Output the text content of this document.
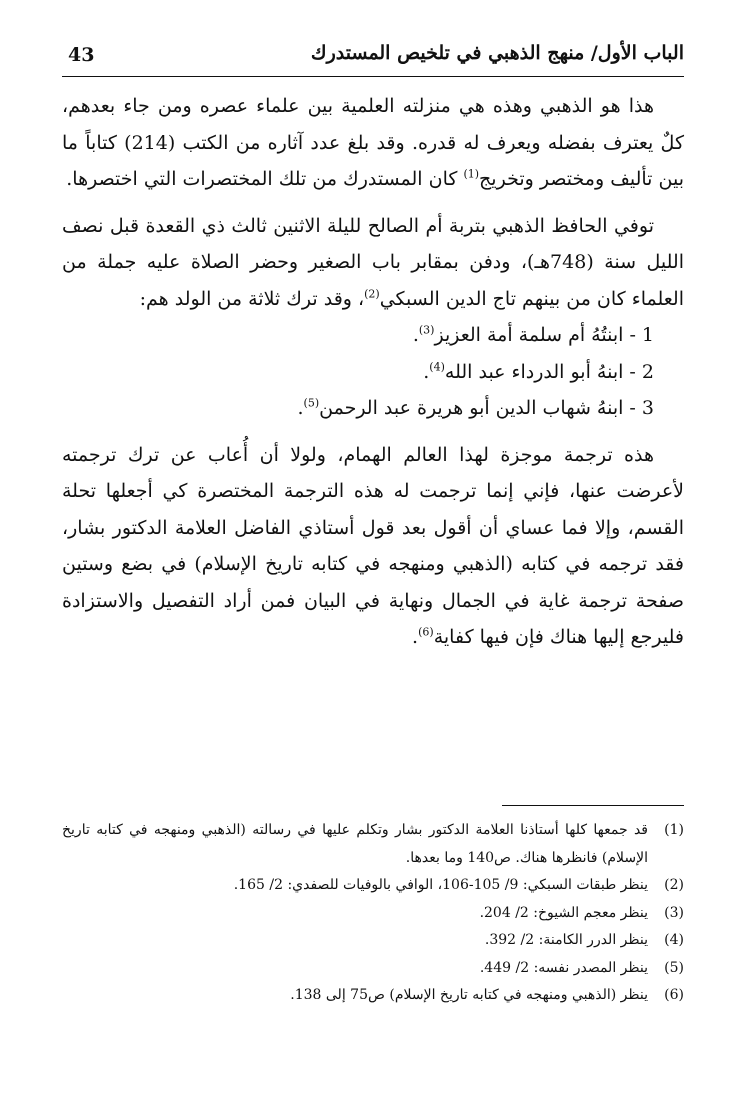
43	الباب الأول/ منهج الذهبي في تلخيص المستدرك

هذا هو الذهبي وهذه هي منزلته العلمية بين علماء عصره ومن جاء بعدهم، كلٌ يعترف بفضله ويعرف له قدره. وقد بلغ عدد آثاره من الكتب (214) كتاباً ما بين تأليف ومختصر وتخريج$^{(1)}$ كان المستدرك من تلك المختصرات التي اختصرها.

توفي الحافظ الذهبي بتربة أم الصالح لليلة الاثنين ثالث ذي القعدة قبل نصف الليل سنة (748هـ)، ودفن بمقابر باب الصغير وحضر الصلاة عليه جملة من العلماء كان من بينهم تاج الدين السبكي$^{(2)}$، وقد ترك ثلاثة من الولد هم:

1 - ابنتُهُ أم سلمة أمة العزيز$^{(3)}$.

2 - ابنهُ أبو الدرداء عبد الله$^{(4)}$.

3 - ابنهُ شهاب الدين أبو هريرة عبد الرحمن$^{(5)}$.

هذه ترجمة موجزة لهذا العالم الهمام، ولولا أن أُعاب عن ترك ترجمته لأعرضت عنها، فإني إنما ترجمت له هذه الترجمة المختصرة كي أجعلها تحلة القسم، وإلا فما عساي أن أقول بعد قول أستاذي الفاضل العلامة الدكتور بشار، فقد ترجمه في كتابه (الذهبي ومنهجه في كتابه تاريخ الإسلام) في بضع وستين صفحة ترجمة غاية في الجمال ونهاية في البيان فمن أراد التفصيل والاستزادة فليرجع إليها هناك فإن فيها كفاية$^{(6)}$.

(1)
قد جمعها كلها أستاذنا العلامة الدكتور بشار وتكلم عليها في رسالته (الذهبي ومنهجه في كتابه تاريخ الإسلام) فانظرها هناك. ص140 وما بعدها.
(2)
ينظر طبقات السبكي: 9/ 105-106، الوافي بالوفيات للصفدي: 2/ 165.
(3)
ينظر معجم الشيوخ: 2/ 204.
(4)
ينظر الدرر الكامنة: 2/ 392.
(5)
ينظر المصدر نفسه: 2/ 449.
(6)
ينظر (الذهبي ومنهجه في كتابه تاريخ الإسلام) ص75 إلى 138.
